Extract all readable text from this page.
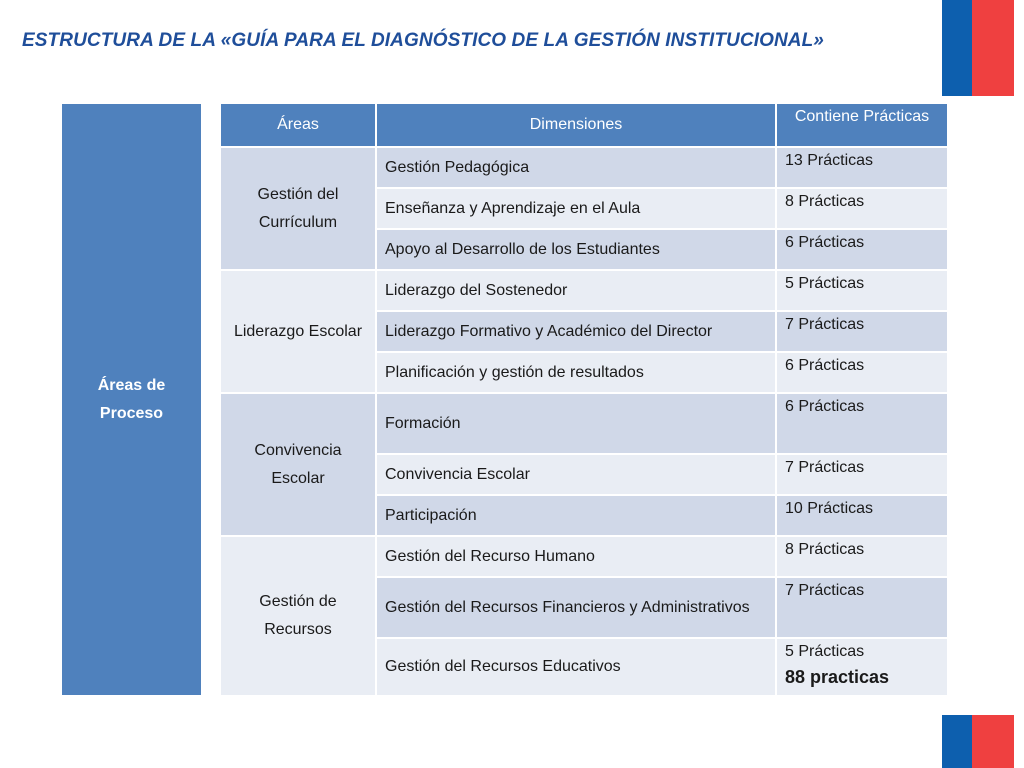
ESTRUCTURA DE LA «GUÍA PARA EL DIAGNÓSTICO DE LA GESTIÓN INSTITUCIONAL»
Áreas de Proceso		Áreas	Dimensiones	Contiene Prácticas

		Gestión del Currículum	Gestión Pedagógica	13 Prácticas
			Enseñanza y Aprendizaje en el Aula	8 Prácticas
			Apoyo al Desarrollo de los Estudiantes	6 Prácticas

		Liderazgo Escolar	Liderazgo del Sostenedor	5 Prácticas
			Liderazgo Formativo y Académico del Director	7 Prácticas
			Planificación y gestión de resultados	6 Prácticas

		Convivencia Escolar	Formación	6 Prácticas
			Convivencia Escolar	7 Prácticas
			Participación	10 Prácticas

		Gestión de Recursos	Gestión del Recurso Humano	8 Prácticas
			Gestión del Recursos Financieros y Administrativos	7 Prácticas
			Gestión del Recursos Educativos	5 Prácticas
88 practicas
